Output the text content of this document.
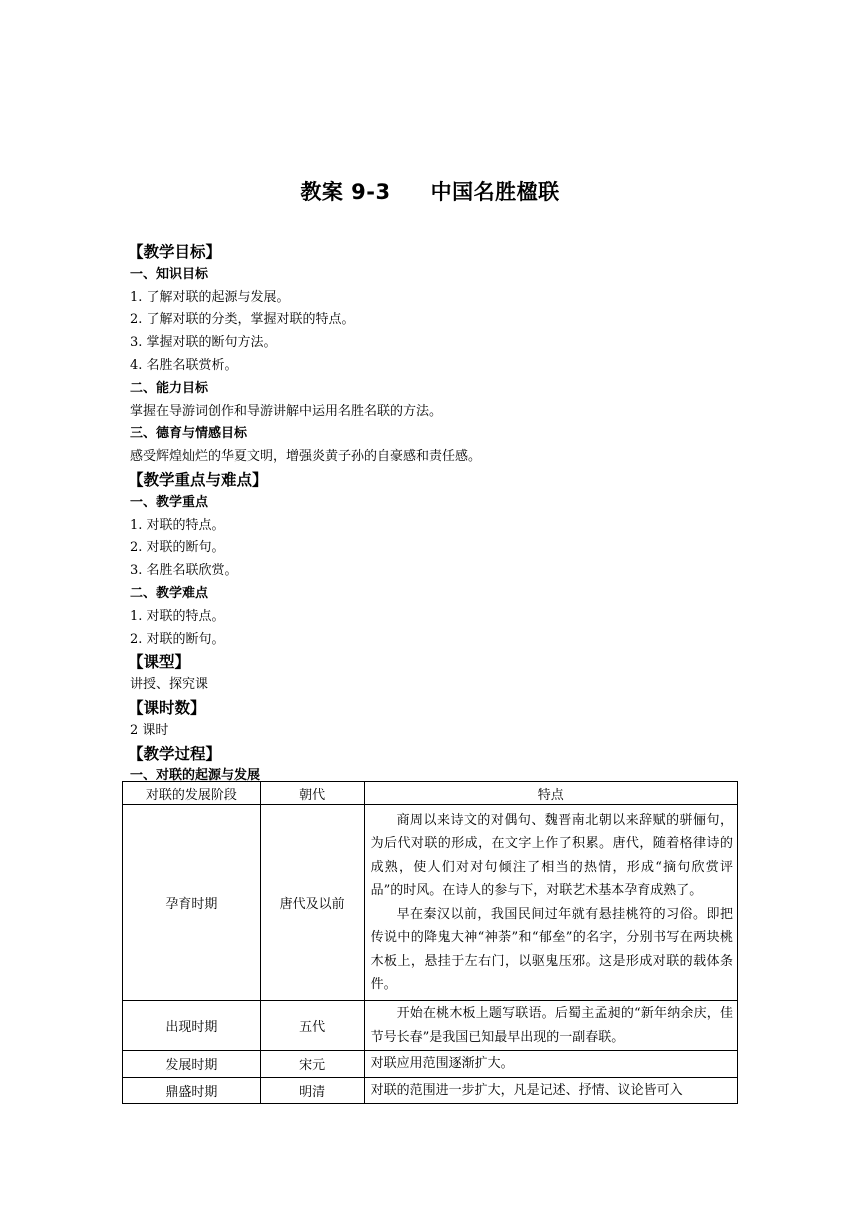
教案 9-3 中国名胜楹联
【教学目标】
一、知识目标
1. 了解对联的起源与发展。
2. 了解对联的分类，掌握对联的特点。
3. 掌握对联的断句方法。
4. 名胜名联赏析。
二、能力目标
掌握在导游词创作和导游讲解中运用名胜名联的方法。
三、德育与情感目标
感受辉煌灿烂的华夏文明，增强炎黄子孙的自豪感和责任感。
【教学重点与难点】
一、教学重点
1. 对联的特点。
2. 对联的断句。
3. 名胜名联欣赏。
二、教学难点
1. 对联的特点。
2. 对联的断句。
【课型】
讲授、探究课
【课时数】
2 课时
【教学过程】
一、对联的起源与发展
对联的发展阶段	朝代	特点
孕育时期	唐代及以前	商周以来诗文的对偶句、魏晋南北朝以来辞赋的骈俪句，为后代对联的形成，在文字上作了积累。唐代，随着格律诗的成熟，使人们对对句倾注了相当的热情，形成“摘句欣赏评品”的时风。在诗人的参与下，对联艺术基本孕育成熟了。

早在秦汉以前，我国民间过年就有悬挂桃符的习俗。即把传说中的降鬼大神“神荼”和“郁垒”的名字，分别书写在两块桃木板上，悬挂于左右门，以驱鬼压邪。这是形成对联的载体条件。

出现时期	五代	开始在桃木板上题写联语。后蜀主孟昶的“新年纳余庆，佳节号长春”是我国已知最早出现的一副春联。

发展时期	宋元	对联应用范围逐渐扩大。

鼎盛时期	明清	对联的范围进一步扩大，凡是记述、抒情、议论皆可入
